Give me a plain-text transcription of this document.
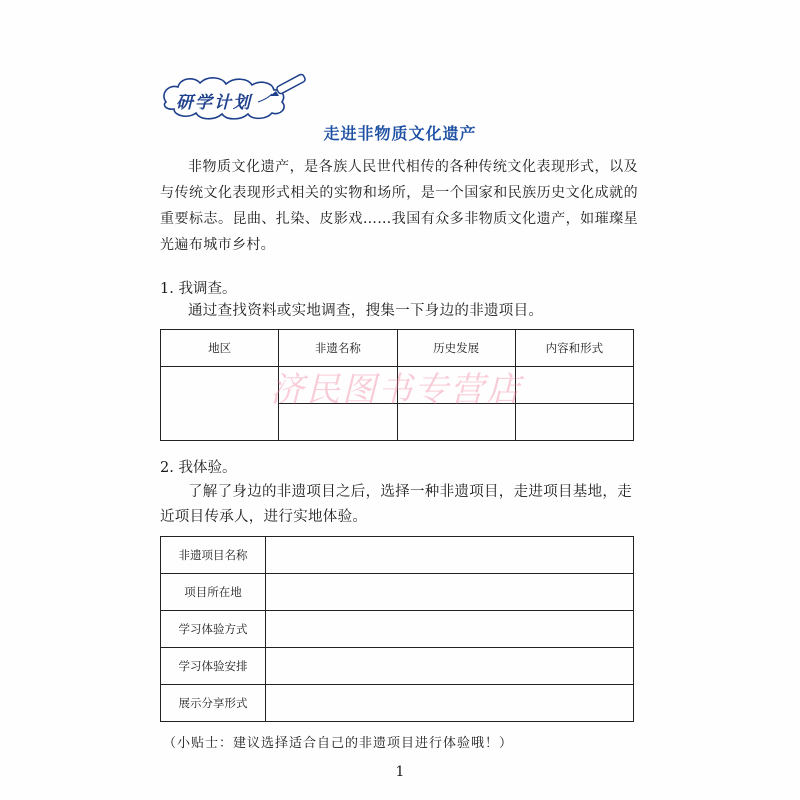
研学计划
走进非物质文化遗产
非物质文化遗产，是各族人民世代相传的各种传统文化表现形式，以及与传统文化表现形式相关的实物和场所，是一个国家和民族历史文化成就的重要标志。昆曲、扎染、皮影戏……我国有众多非物质文化遗产，如璀璨星光遍布城市乡村。
1. 我调查。
通过查找资料或实地调查，搜集一下身边的非遗项目。
地区	非遗名称	历史发展	内容和形式

济民图书专营店
2. 我体验。
了解了身边的非遗项目之后，选择一种非遗项目，走进项目基地，走近项目传承人，进行实地体验。
非遗项目名称	
项目所在地	
学习体验方式	
学习体验安排	
展示分享形式	
（小贴士：建议选择适合自己的非遗项目进行体验哦！）
1
